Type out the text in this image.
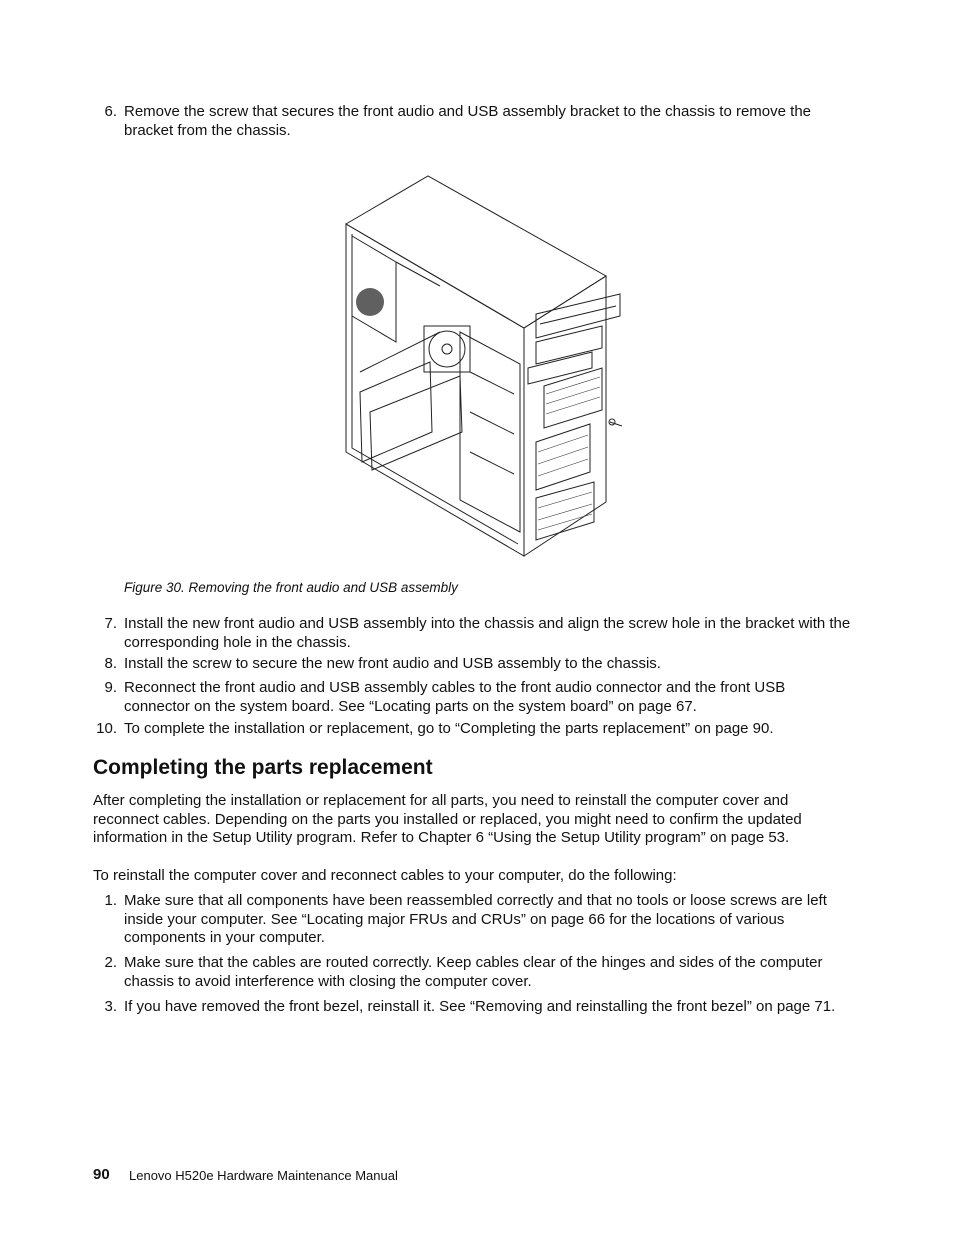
6. Remove the screw that secures the front audio and USB assembly bracket to the chassis to remove the bracket from the chassis.
Figure 30. Removing the front audio and USB assembly
7. Install the new front audio and USB assembly into the chassis and align the screw hole in the bracket with the corresponding hole in the chassis.
8. Install the screw to secure the new front audio and USB assembly to the chassis.
9. Reconnect the front audio and USB assembly cables to the front audio connector and the front USB connector on the system board. See “Locating parts on the system board” on page 67.
10. To complete the installation or replacement, go to “Completing the parts replacement” on page 90.
Completing the parts replacement

After completing the installation or replacement for all parts, you need to reinstall the computer cover and reconnect cables. Depending on the parts you installed or replaced, you might need to confirm the updated information in the Setup Utility program. Refer to Chapter 6 “Using the Setup Utility program” on page 53.

To reinstall the computer cover and reconnect cables to your computer, do the following:

1. Make sure that all components have been reassembled correctly and that no tools or loose screws are left inside your computer. See “Locating major FRUs and CRUs” on page 66 for the locations of various components in your computer.
2. Make sure that the cables are routed correctly. Keep cables clear of the hinges and sides of the computer chassis to avoid interference with closing the computer cover.
3. If you have removed the front bezel, reinstall it. See “Removing and reinstalling the front bezel” on page 71.
90 Lenovo H520e Hardware Maintenance Manual
